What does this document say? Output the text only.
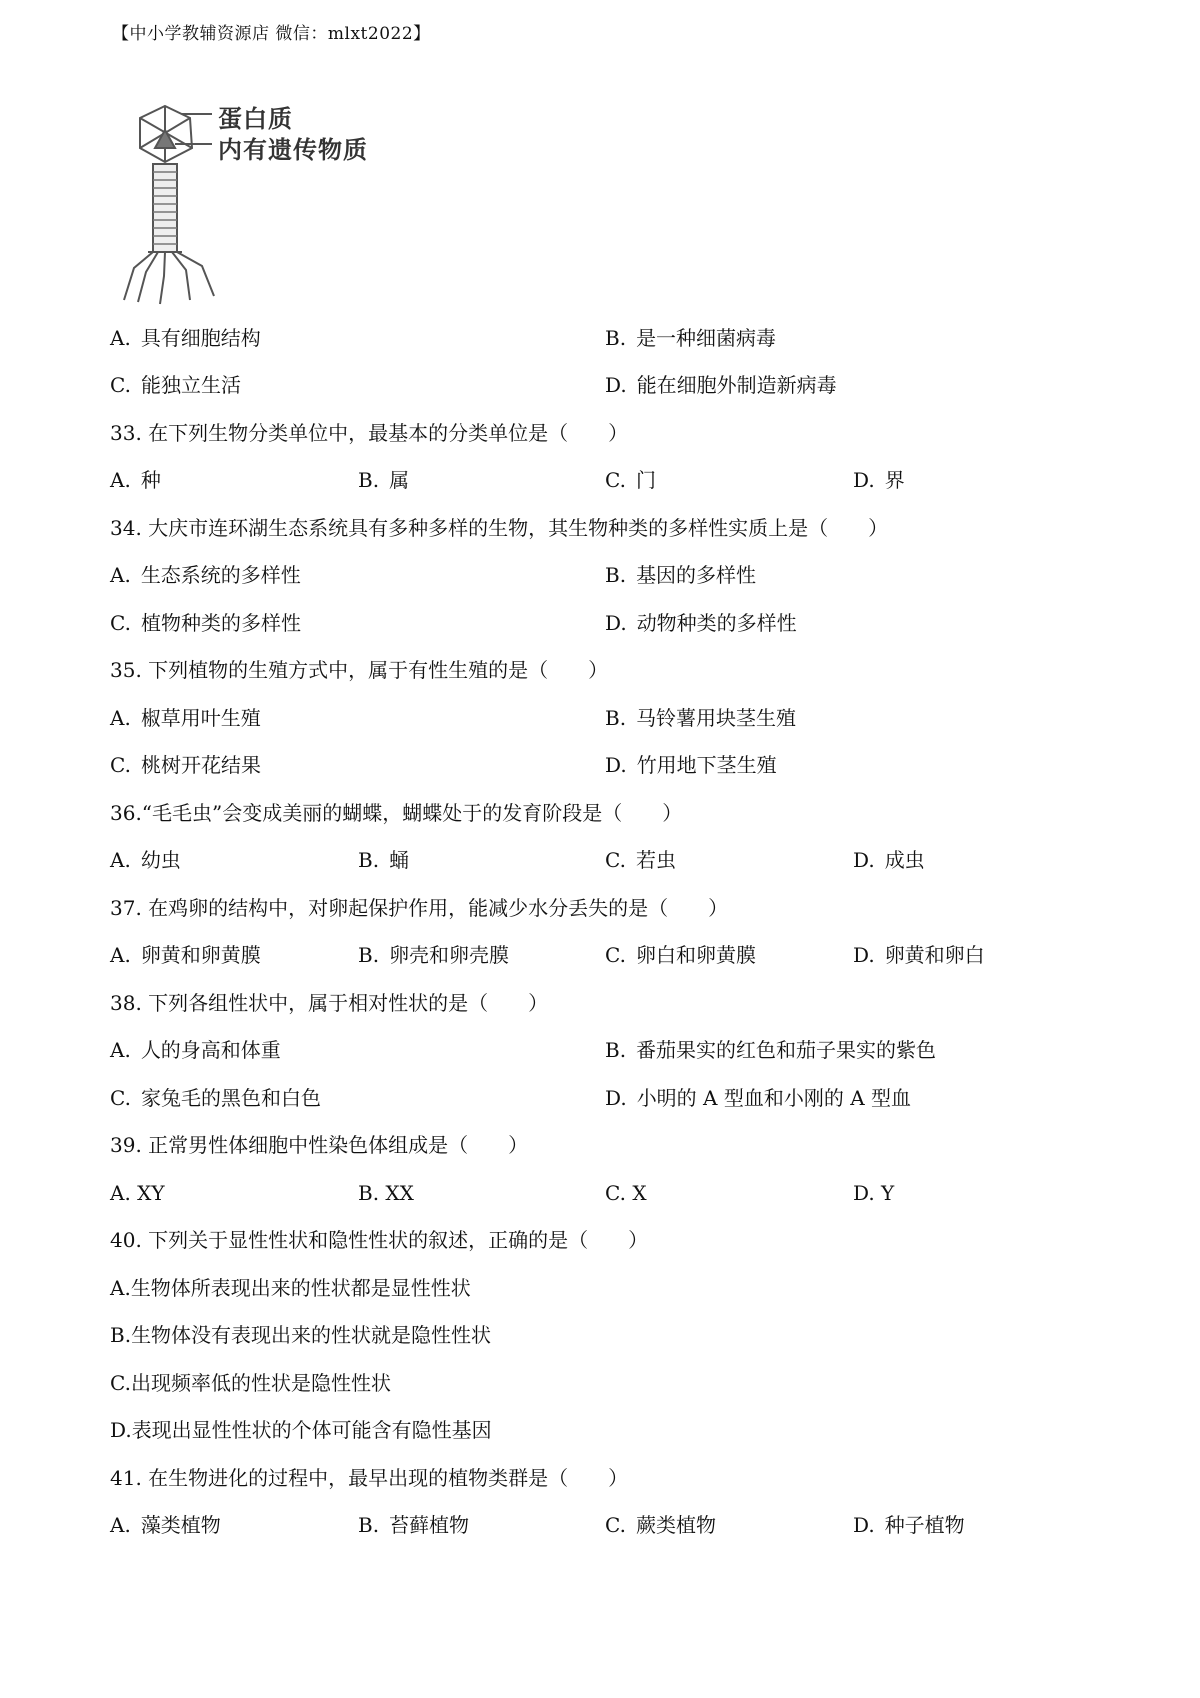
【中小学教辅资源店 微信：mlxt2022】
蛋白质
内有遗传物质
A. 具有细胞结构	B. 是一种细菌病毒
C. 能独立生活	D. 能在细胞外制造新病毒
33. 在下列生物分类单位中，最基本的分类单位是（　　）
A. 种	B. 属	C. 门	D. 界
34. 大庆市连环湖生态系统具有多种多样的生物，其生物种类的多样性实质上是（　　）
A. 生态系统的多样性	B. 基因的多样性
C. 植物种类的多样性	D. 动物种类的多样性
35. 下列植物的生殖方式中，属于有性生殖的是（　　）
A. 椒草用叶生殖	B. 马铃薯用块茎生殖
C. 桃树开花结果	D. 竹用地下茎生殖
36.“毛毛虫”会变成美丽的蝴蝶，蝴蝶处于的发育阶段是（　　）
A. 幼虫	B. 蛹	C. 若虫	D. 成虫
37. 在鸡卵的结构中，对卵起保护作用，能减少水分丢失的是（　　）
A. 卵黄和卵黄膜	B. 卵壳和卵壳膜	C. 卵白和卵黄膜	D. 卵黄和卵白
38. 下列各组性状中，属于相对性状的是（　　）
A. 人的身高和体重	B. 番茄果实的红色和茄子果实的紫色
C. 家兔毛的黑色和白色	D. 小明的 A 型血和小刚的 A 型血
39. 正常男性体细胞中性染色体组成是（　　）
A. XY	B. XX	C. X	D. Y
40. 下列关于显性性状和隐性性状的叙述，正确的是（　　）
A.生物体所表现出来的性状都是显性性状
B.生物体没有表现出来的性状就是隐性性状
C.出现频率低的性状是隐性性状
D.表现出显性性状的个体可能含有隐性基因
41. 在生物进化的过程中，最早出现的植物类群是（　　）
A. 藻类植物	B. 苔藓植物	C. 蕨类植物	D. 种子植物
